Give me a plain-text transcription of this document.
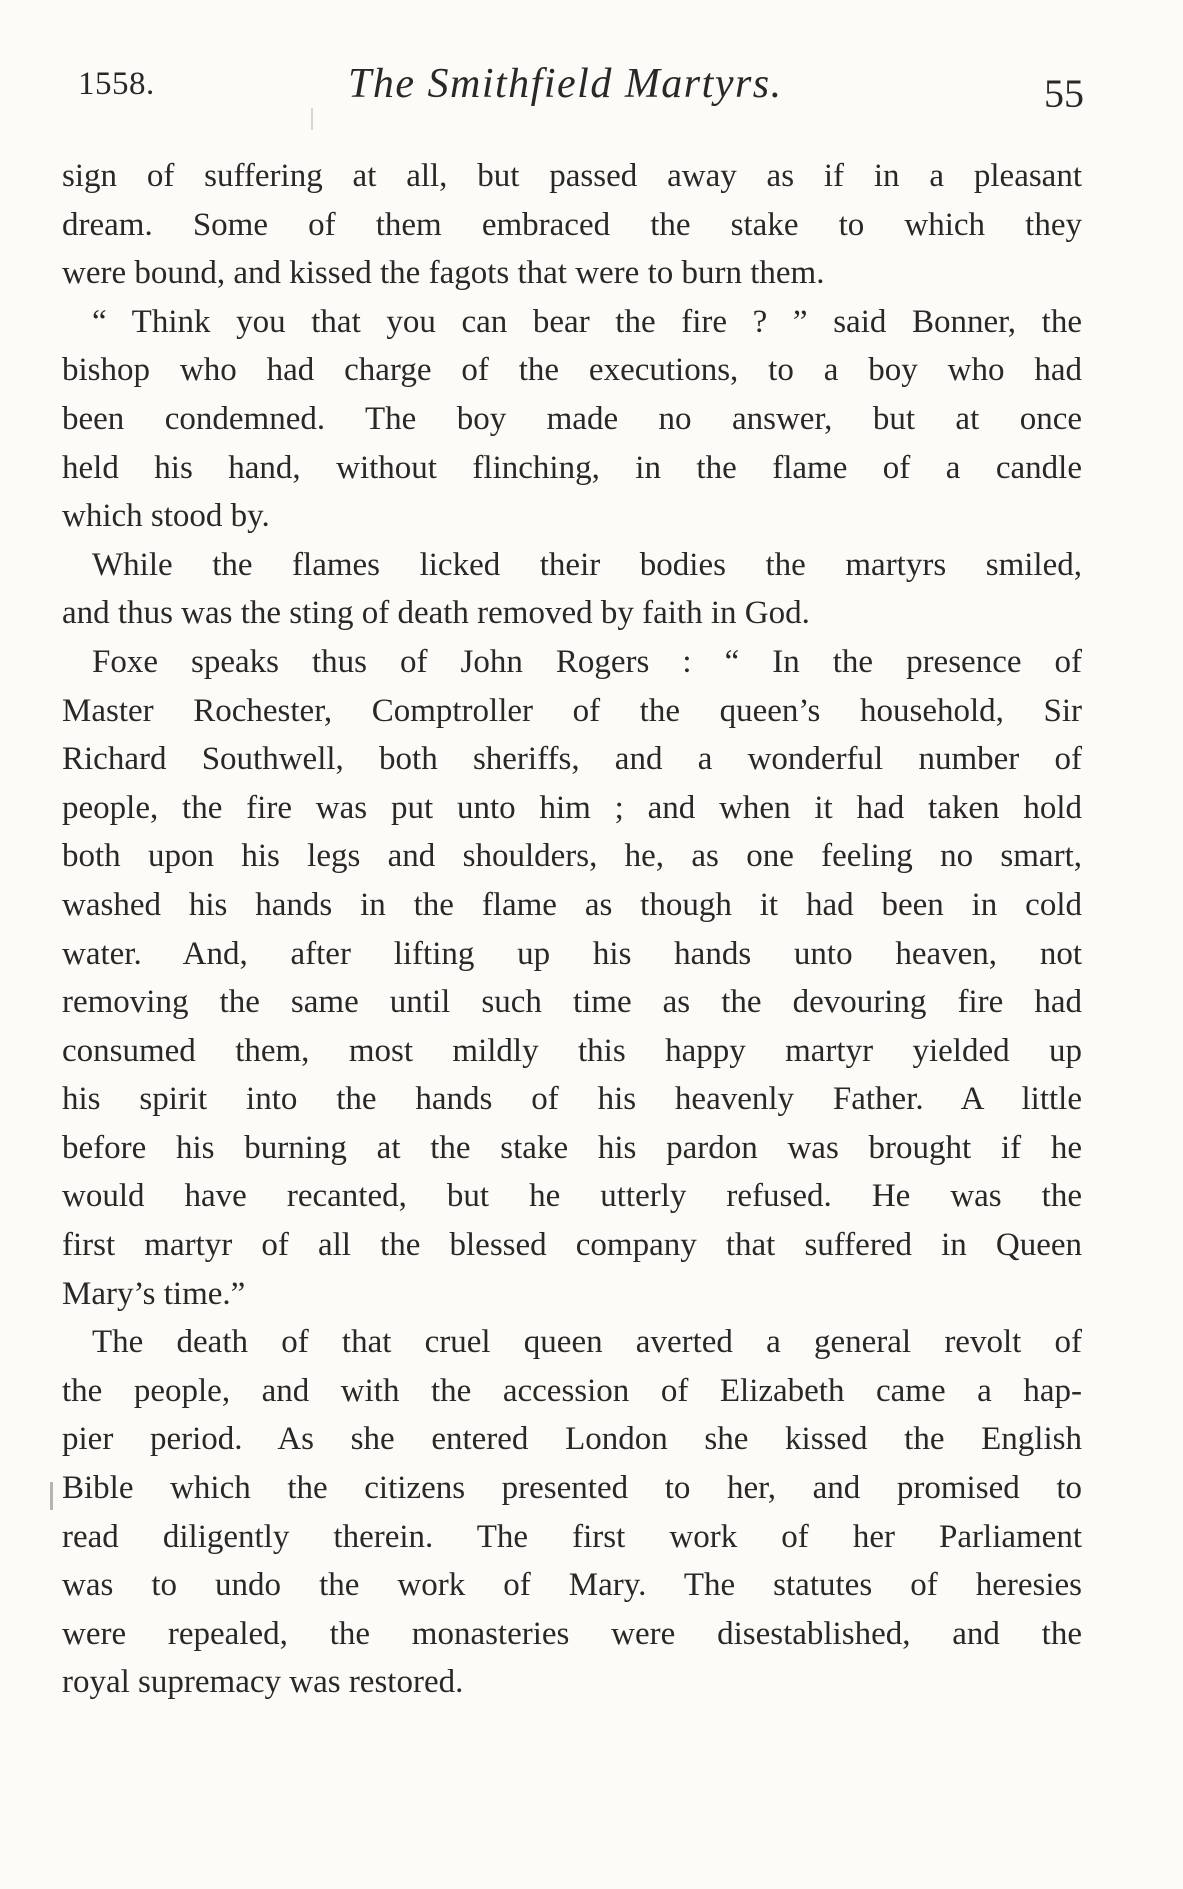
1558.	The Smithfield Martyrs.	55
sign of suffering at all, but passed away as if in a pleasant
dream. Some of them embraced the stake to which they
were bound, and kissed the fagots that were to burn them.
“ Think you that you can bear the fire ? ” said Bonner, the
bishop who had charge of the executions, to a boy who had
been condemned. The boy made no answer, but at once
held his hand, without flinching, in the flame of a candle
which stood by.
While the flames licked their bodies the martyrs smiled,
and thus was the sting of death removed by faith in God.
Foxe speaks thus of John Rogers : “ In the presence of
Master Rochester, Comptroller of the queen’s household, Sir
Richard Southwell, both sheriffs, and a wonderful number of
people, the fire was put unto him ; and when it had taken hold
both upon his legs and shoulders, he, as one feeling no smart,
washed his hands in the flame as though it had been in cold
water. And, after lifting up his hands unto heaven, not
removing the same until such time as the devouring fire had
consumed them, most mildly this happy martyr yielded up
his spirit into the hands of his heavenly Father. A little
before his burning at the stake his pardon was brought if he
would have recanted, but he utterly refused. He was the
first martyr of all the blessed company that suffered in Queen
Mary’s time.”
The death of that cruel queen averted a general revolt of
the people, and with the accession of Elizabeth came a hap-
pier period. As she entered London she kissed the English
Bible which the citizens presented to her, and promised to
read diligently therein. The first work of her Parliament
was to undo the work of Mary. The statutes of heresies
were repealed, the monasteries were disestablished, and the
royal supremacy was restored.
